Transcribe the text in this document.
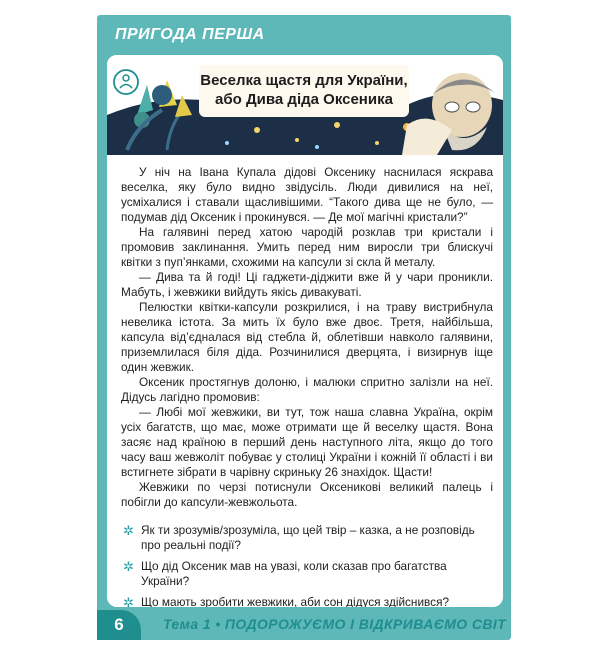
ПРИГОДА ПЕРША
Веселка щастя для України,
або Дива діда Оксеника

У ніч на Івана Купала дідові Оксенику наснилася яскрава веселка, яку було видно звідусіль. Люди дивилися на неї, усміхалися і ставали щасливішими. “Такого дива ще не було, — подумав дід Оксеник і прокинувся. — Де мої магічні кристали?”

На галявині перед хатою чародій розклав три кристали і промовив заклинання. Умить перед ним виросли три блискучі квітки з пуп’янками, схожими на капсули зі скла й металу.

— Дива та й годі! Ці гаджети-діджити вже й у чари проникли. Мабуть, і жевжики вийдуть якісь дивакуваті.

Пелюстки квітки-капсули розкрилися, і на траву вистрибнула невелика істота. За мить їх було вже двоє. Третя, найбільша, капсула від’єдналася від стебла й, облетівши навколо галявини, приземлилася біля діда. Розчинилися дверцята, і визирнув іще один жевжик.

Оксеник простягнув долоню, і малюки спритно залізли на неї. Дідусь лагідно промовив:

— Любі мої жевжики, ви тут, тож наша славна Україна, окрім усіх багатств, що має, може отримати ще й веселку щастя. Вона засяє над країною в перший день наступного літа, якщо до того часу ваш жевжоліт побуває у столиці України і кожній її області і ви встигнете зібрати в чарівну скриньку 26 знахідок. Щасти!

Жевжики по черзі потиснули Оксеникові великий палець і побігли до капсули-жевжольота.

✲ Як ти зрозумів/зрозуміла, що цей твір – казка, а не розповідь про реальні події?
✲ Що дід Оксеник мав на увазі, коли сказав про багатства України?
✲ Що мають зробити жевжики, аби сон дідуся здійснився?
6	Тема 1 • ПОДОРОЖУЄМО І ВІДКРИВАЄМО СВІТ
